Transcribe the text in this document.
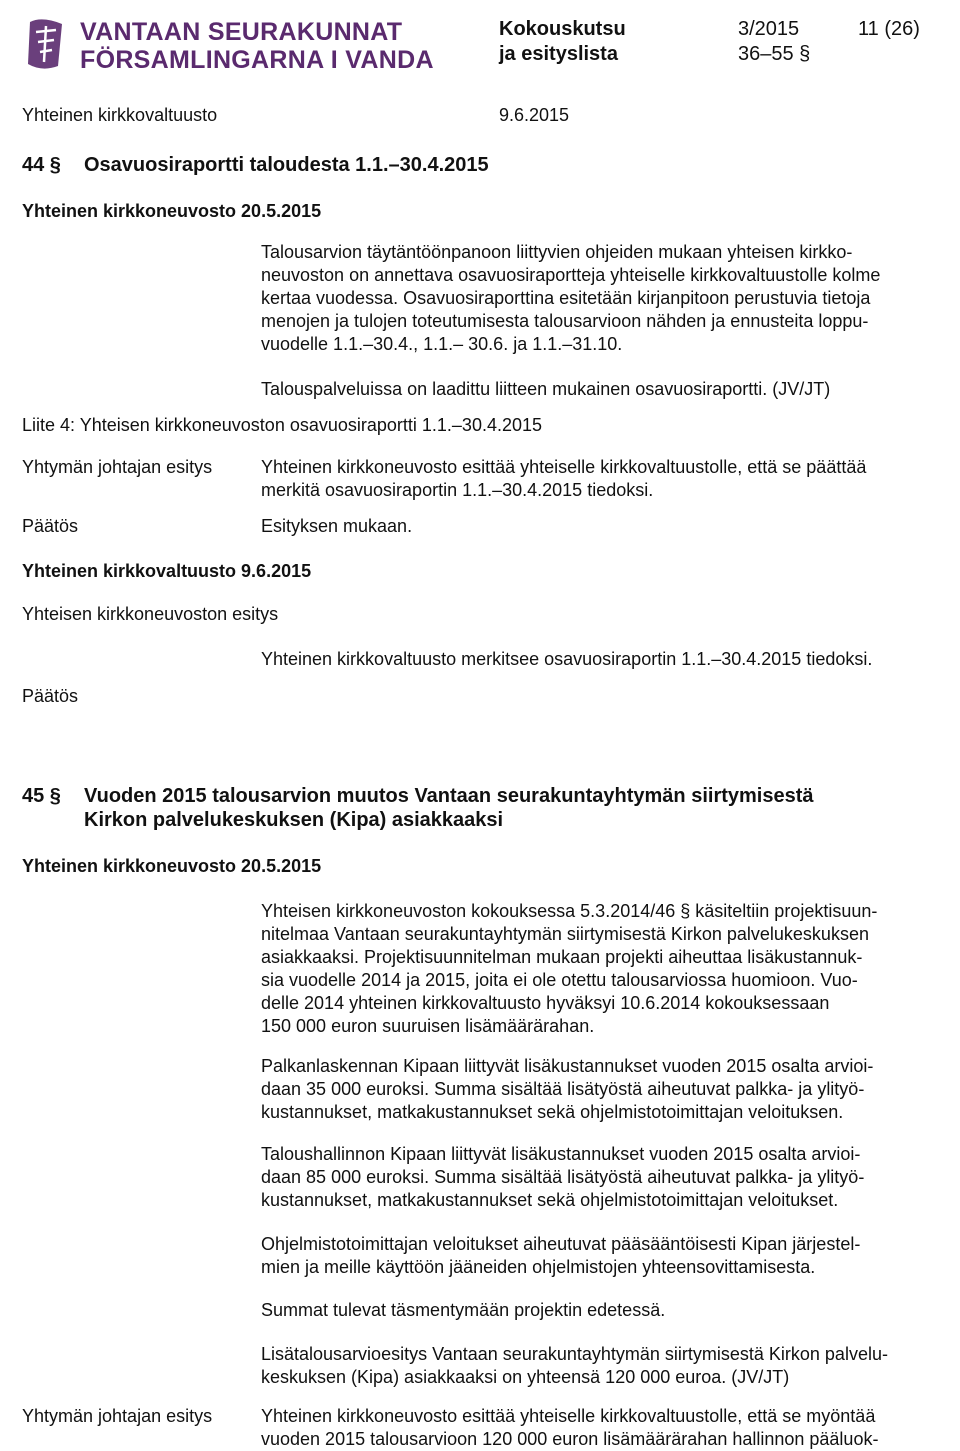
VANTAAN SEURAKUNNAT
FÖRSAMLINGARNA I VANDA
Kokouskutsu
ja esityslista
3/2015
36–55 §
11 (26)
Yhteinen kirkkovaltuusto	9.6.2015
44 § Osavuosiraportti taloudesta 1.1.–30.4.2015
Yhteinen kirkkoneuvosto 20.5.2015
Talousarvion täytäntöönpanoon liittyvien ohjeiden mukaan yhteisen kirkko-
neuvoston on annettava osavuosiraportteja yhteiselle kirkkovaltuustolle kolme
kertaa vuodessa. Osavuosiraporttina esitetään kirjanpitoon perustuvia tietoja
menojen ja tulojen toteutumisesta talousarvioon nähden ja ennusteita loppu-
vuodelle 1.1.–30.4., 1.1.– 30.6. ja 1.1.–31.10.
Talouspalveluissa on laadittu liitteen mukainen osavuosiraportti. (JV/JT)
Liite 4: Yhteisen kirkkoneuvoston osavuosiraportti 1.1.–30.4.2015
Yhtymän johtajan esitys	Yhteinen kirkkoneuvosto esittää yhteiselle kirkkovaltuustolle, että se päättää
merkitä osavuosiraportin 1.1.–30.4.2015 tiedoksi.
Päätös	Esityksen mukaan.
Yhteinen kirkkovaltuusto 9.6.2015
Yhteisen kirkkoneuvoston esitys
Yhteinen kirkkovaltuusto merkitsee osavuosiraportin 1.1.–30.4.2015 tiedoksi.
Päätös
45 § Vuoden 2015 talousarvion muutos Vantaan seurakuntayhtymän siirtymisestä
Kirkon palvelukeskuksen (Kipa) asiakkaaksi
Yhteinen kirkkoneuvosto 20.5.2015
Yhteisen kirkkoneuvoston kokouksessa 5.3.2014/46 § käsiteltiin projektisuun-
nitelmaa Vantaan seurakuntayhtymän siirtymisestä Kirkon palvelukeskuksen
asiakkaaksi. Projektisuunnitelman mukaan projekti aiheuttaa lisäkustannuk-
sia vuodelle 2014 ja 2015, joita ei ole otettu talousarviossa huomioon. Vuo-
delle 2014 yhteinen kirkkovaltuusto hyväksyi 10.6.2014 kokouksessaan
150 000 euron suuruisen lisämäärärahan.
Palkanlaskennan Kipaan liittyvät lisäkustannukset vuoden 2015 osalta arvioi-
daan 35 000 euroksi. Summa sisältää lisätyöstä aiheutuvat palkka- ja ylityö-
kustannukset, matkakustannukset sekä ohjelmistotoimittajan veloituksen.
Taloushallinnon Kipaan liittyvät lisäkustannukset vuoden 2015 osalta arvioi-
daan 85 000 euroksi. Summa sisältää lisätyöstä aiheutuvat palkka- ja ylityö-
kustannukset, matkakustannukset sekä ohjelmistotoimittajan veloitukset.
Ohjelmistotoimittajan veloitukset aiheutuvat pääsääntöisesti Kipan järjestel-
mien ja meille käyttöön jääneiden ohjelmistojen yhteensovittamisesta.
Summat tulevat täsmentymään projektin edetessä.
Lisätalousarvioesitys Vantaan seurakuntayhtymän siirtymisestä Kirkon palvelu-
keskuksen (Kipa) asiakkaaksi on yhteensä 120 000 euroa. (JV/JT)
Yhtymän johtajan esitys	Yhteinen kirkkoneuvosto esittää yhteiselle kirkkovaltuustolle, että se myöntää
vuoden 2015 talousarvioon 120 000 euron lisämäärärahan hallinnon pääluok-
